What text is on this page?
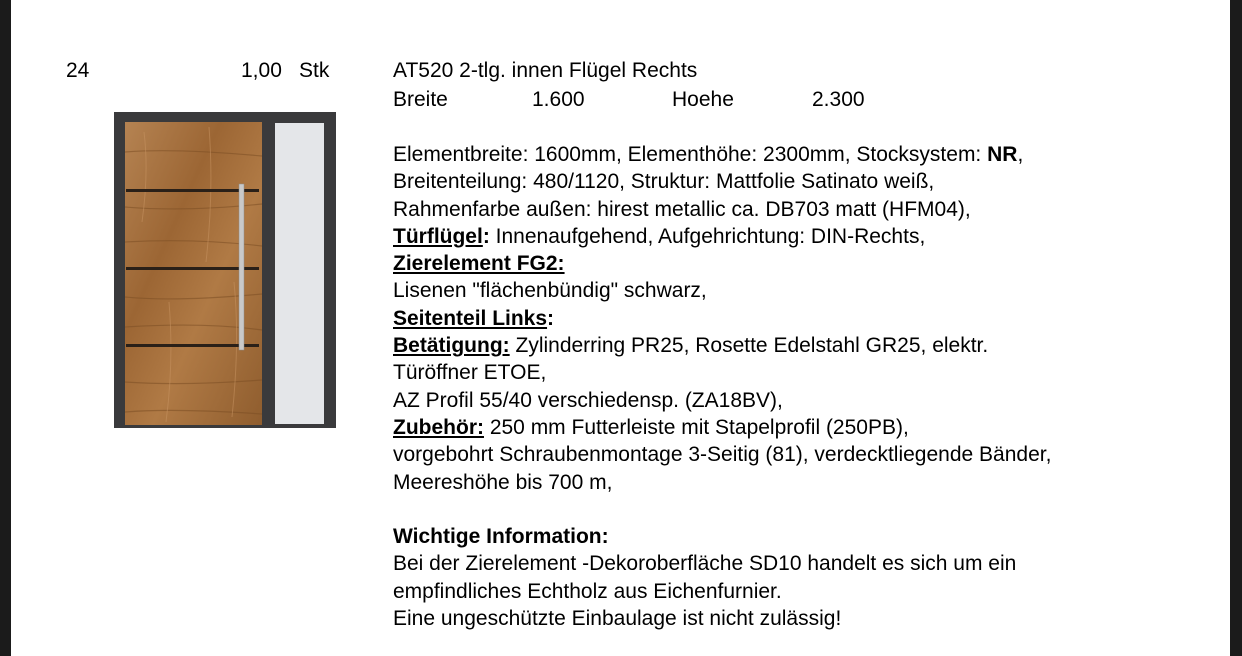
24	1,00 Stk	AT520 2-tlg. innen Flügel Rechts
Breite	1.600	Hoehe	2.300
Elementbreite: 1600mm, Elementhöhe: 2300mm, Stocksystem: NR,
Breitenteilung: 480/1120, Struktur: Mattfolie Satinato weiß,
Rahmenfarbe außen: hirest metallic ca. DB703 matt (HFM04),
Türflügel: Innenaufgehend, Aufgehrichtung: DIN-Rechts,
Zierelement FG2:
Lisenen "flächenbündig" schwarz,
Seitenteil Links:
Betätigung: Zylinderring PR25, Rosette Edelstahl GR25, elektr.
Türöffner ETOE,
AZ Profil 55/40 verschiedensp. (ZA18BV),
Zubehör: 250 mm Futterleiste mit Stapelprofil (250PB),
vorgebohrt Schraubenmontage 3-Seitig (81), verdecktliegende Bänder,
Meereshöhe bis 700 m,
Wichtige Information:
Bei der Zierelement -Dekoroberfläche SD10 handelt es sich um ein
empfindliches Echtholz aus Eichenfurnier.
Eine ungeschützte Einbaulage ist nicht zulässig!
